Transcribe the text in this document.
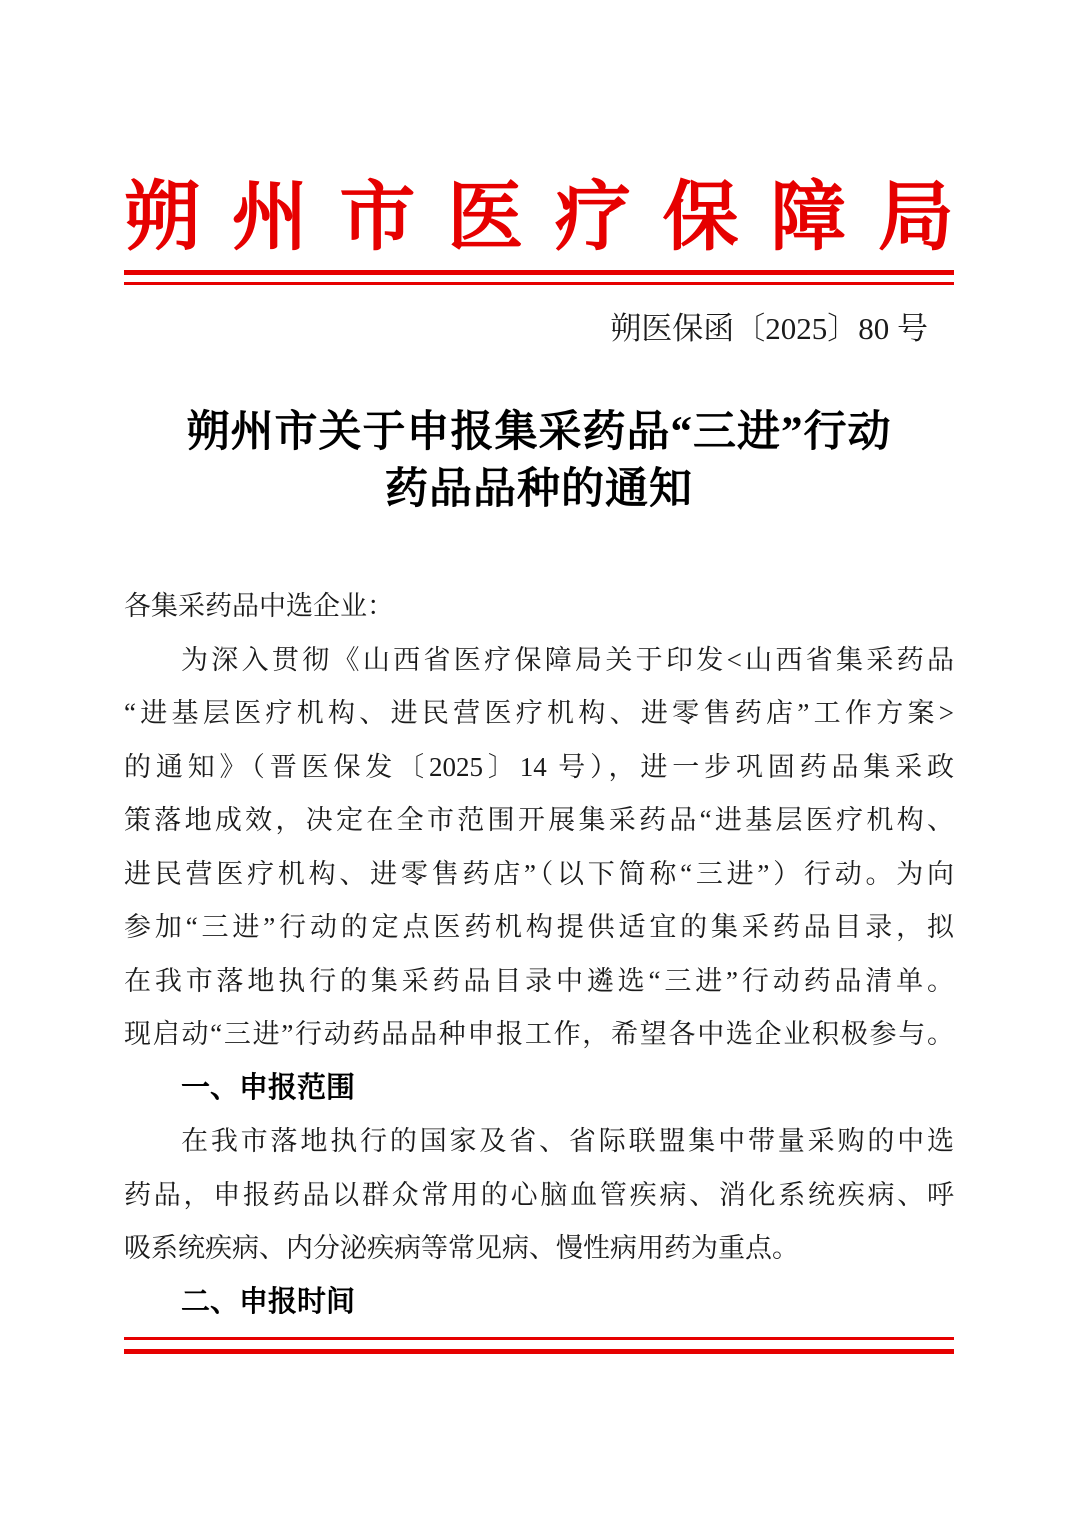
朔 州 市 医 疗 保 障 局
朔医保函〔2025〕80 号
朔州市关于申报集采药品“三进”行动
药品品种的通知
各集采药品中选企业：
为深入贯彻《山西省医疗保障局关于印发<山西省集采药品
“进基层医疗机构、进民营医疗机构、进零售药店”工作方案>
的通知》（晋医保发〔2025〕14 号），进一步巩固药品集采政
策落地成效，决定在全市范围开展集采药品“进基层医疗机构、
进民营医疗机构、进零售药店”（以下简称“三进”）行动。为向
参加“三进”行动的定点医药机构提供适宜的集采药品目录，拟
在我市落地执行的集采药品目录中遴选“三进”行动药品清单。
现启动“三进”行动药品品种申报工作，希望各中选企业积极参与。
一、申报范围
在我市落地执行的国家及省、省际联盟集中带量采购的中选
药品，申报药品以群众常用的心脑血管疾病、消化系统疾病、呼
吸系统疾病、内分泌疾病等常见病、慢性病用药为重点。
二、申报时间
